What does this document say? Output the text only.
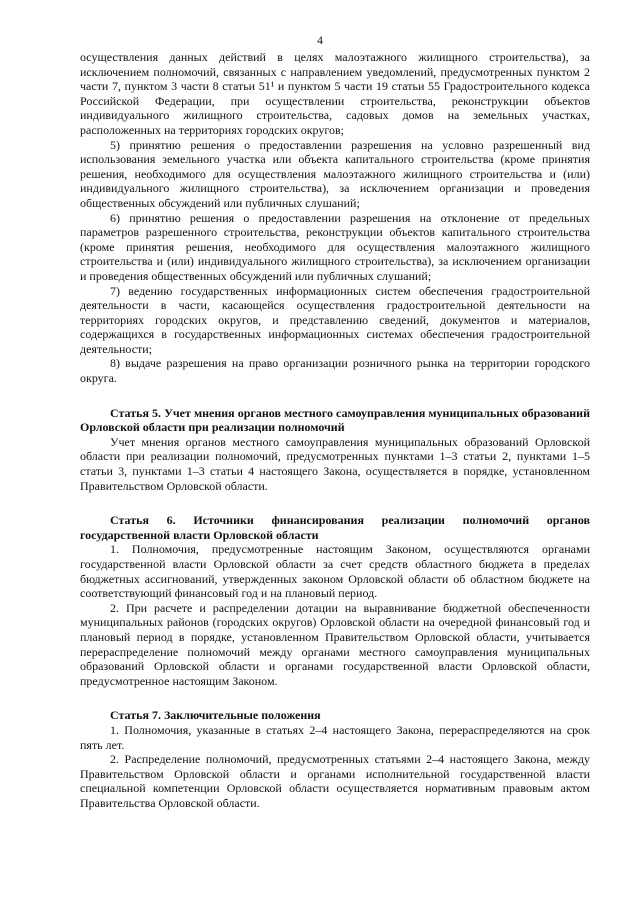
4

осуществления данных действий в целях малоэтажного жилищного строительства), за исключением полномочий, связанных с направлением уведомлений, предусмотренных пунктом 2 части 7, пунктом 3 части 8 статьи 51¹ и пунктом 5 части 19 статьи 55 Градостроительного кодекса Российской Федерации, при осуществлении строительства, реконструкции объектов индивидуального жилищного строительства, садовых домов на земельных участках, расположенных на территориях городских округов;

5) принятию решения о предоставлении разрешения на условно разрешенный вид использования земельного участка или объекта капитального строительства (кроме принятия решения, необходимого для осуществления малоэтажного жилищного строительства и (или) индивидуального жилищного строительства), за исключением организации и проведения общественных обсуждений или публичных слушаний;

6) принятию решения о предоставлении разрешения на отклонение от предельных параметров разрешенного строительства, реконструкции объектов капитального строительства (кроме принятия решения, необходимого для осуществления малоэтажного жилищного строительства и (или) индивидуального жилищного строительства), за исключением организации и проведения общественных обсуждений или публичных слушаний;

7) ведению государственных информационных систем обеспечения градостроительной деятельности в части, касающейся осуществления градостроительной деятельности на территориях городских округов, и представлению сведений, документов и материалов, содержащихся в государственных информационных системах обеспечения градостроительной деятельности;

8) выдаче разрешения на право организации розничного рынка на территории городского округа.

Статья 5. Учет мнения органов местного самоуправления муниципальных образований Орловской области при реализации полномочий

Учет мнения органов местного самоуправления муниципальных образований Орловской области при реализации полномочий, предусмотренных пунктами 1–3 статьи 2, пунктами 1–5 статьи 3, пунктами 1–3 статьи 4 настоящего Закона, осуществляется в порядке, установленном Правительством Орловской области.

Статья 6. Источники финансирования реализации полномочий органов государственной власти Орловской области

1. Полномочия, предусмотренные настоящим Законом, осуществляются органами государственной власти Орловской области за счет средств областного бюджета в пределах бюджетных ассигнований, утвержденных законом Орловской области об областном бюджете на соответствующий финансовый год и на плановый период.

2. При расчете и распределении дотации на выравнивание бюджетной обеспеченности муниципальных районов (городских округов) Орловской области на очередной финансовый год и плановый период в порядке, установленном Правительством Орловской области, учитывается перераспределение полномочий между органами местного самоуправления муниципальных образований Орловской области и органами государственной власти Орловской области, предусмотренное настоящим Законом.

Статья 7. Заключительные положения

1. Полномочия, указанные в статьях 2–4 настоящего Закона, перераспределяются на срок пять лет.

2. Распределение полномочий, предусмотренных статьями 2–4 настоящего Закона, между Правительством Орловской области и органами исполнительной государственной власти специальной компетенции Орловской области осуществляется нормативным правовым актом Правительства Орловской области.
